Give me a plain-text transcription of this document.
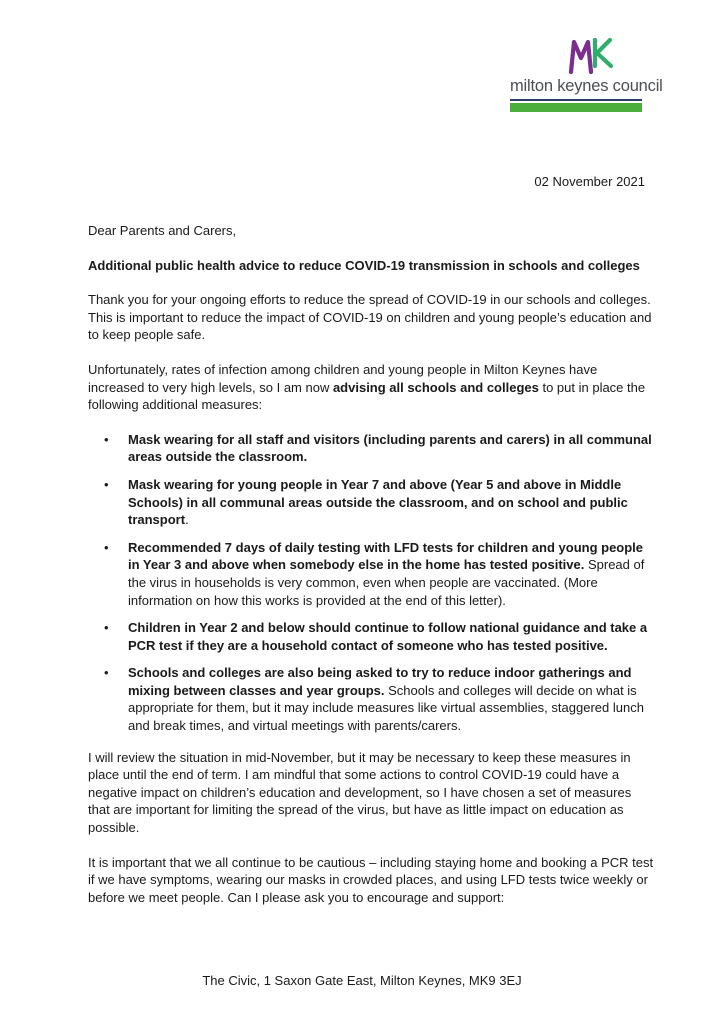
milton keynes council
02 November 2021

Dear Parents and Carers,

Additional public health advice to reduce COVID-19 transmission in schools and colleges

Thank you for your ongoing efforts to reduce the spread of COVID-19 in our schools and colleges. This is important to reduce the impact of COVID-19 on children and young people’s education and to keep people safe.

Unfortunately, rates of infection among children and young people in Milton Keynes have increased to very high levels, so I am now advising all schools and colleges to put in place the following additional measures:

• Mask wearing for all staff and visitors (including parents and carers) in all communal areas outside the classroom.
• Mask wearing for young people in Year 7 and above (Year 5 and above in Middle Schools) in all communal areas outside the classroom, and on school and public transport.
• Recommended 7 days of daily testing with LFD tests for children and young people in Year 3 and above when somebody else in the home has tested positive. Spread of the virus in households is very common, even when people are vaccinated. (More information on how this works is provided at the end of this letter).
• Children in Year 2 and below should continue to follow national guidance and take a PCR test if they are a household contact of someone who has tested positive.
• Schools and colleges are also being asked to try to reduce indoor gatherings and mixing between classes and year groups. Schools and colleges will decide on what is appropriate for them, but it may include measures like virtual assemblies, staggered lunch and break times, and virtual meetings with parents/carers.

I will review the situation in mid-November, but it may be necessary to keep these measures in place until the end of term. I am mindful that some actions to control COVID-19 could have a negative impact on children’s education and development, so I have chosen a set of measures that are important for limiting the spread of the virus, but have as little impact on education as possible.

It is important that we all continue to be cautious – including staying home and booking a PCR test if we have symptoms, wearing our masks in crowded places, and using LFD tests twice weekly or before we meet people. Can I please ask you to encourage and support:

The Civic, 1 Saxon Gate East, Milton Keynes, MK9 3EJ
